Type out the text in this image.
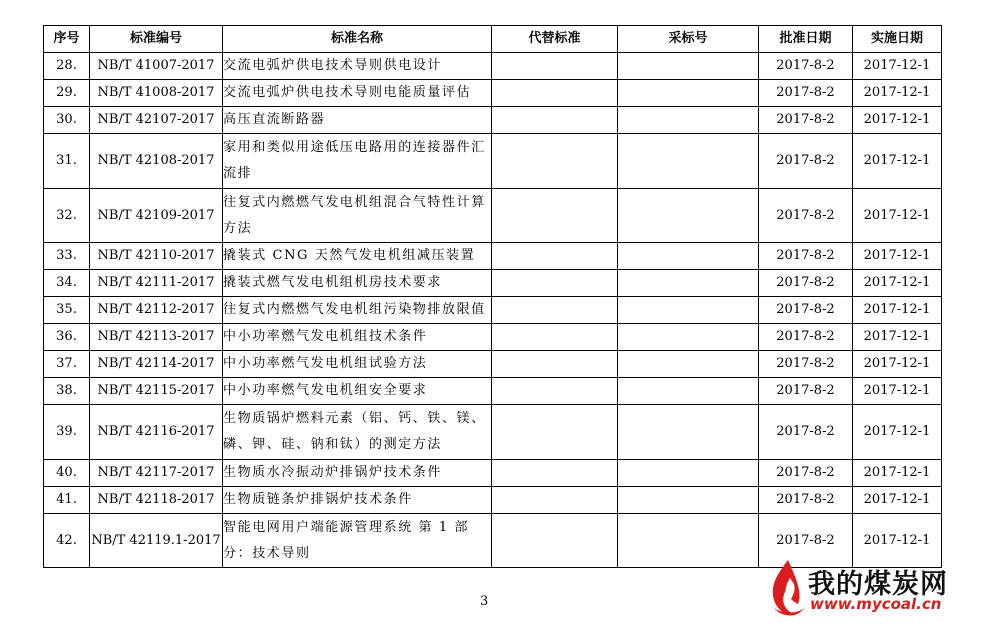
序号	标准编号	标准名称	代替标准	采标号	批准日期	实施日期
28.	NB/T 41007-2017	交流电弧炉供电技术导则供电设计			2017-8-2	2017-12-1
29.	NB/T 41008-2017	交流电弧炉供电技术导则电能质量评估			2017-8-2	2017-12-1
30.	NB/T 42107-2017	高压直流断路器			2017-8-2	2017-12-1
31.	NB/T 42108-2017	家用和类似用途低压电路用的连接器件汇流排			2017-8-2	2017-12-1
32.	NB/T 42109-2017	往复式内燃燃气发电机组混合气特性计算方法			2017-8-2	2017-12-1
33.	NB/T 42110-2017	撬装式 CNG 天然气发电机组减压装置			2017-8-2	2017-12-1
34.	NB/T 42111-2017	撬装式燃气发电机组机房技术要求			2017-8-2	2017-12-1
35.	NB/T 42112-2017	往复式内燃燃气发电机组污染物排放限值			2017-8-2	2017-12-1
36.	NB/T 42113-2017	中小功率燃气发电机组技术条件			2017-8-2	2017-12-1
37.	NB/T 42114-2017	中小功率燃气发电机组试验方法			2017-8-2	2017-12-1
38.	NB/T 42115-2017	中小功率燃气发电机组安全要求			2017-8-2	2017-12-1
39.	NB/T 42116-2017	生物质锅炉燃料元素（铝、钙、铁、镁、磷、钾、硅、钠和钛）的测定方法			2017-8-2	2017-12-1
40.	NB/T 42117-2017	生物质水冷振动炉排锅炉技术条件			2017-8-2	2017-12-1
41.	NB/T 42118-2017	生物质链条炉排锅炉技术条件			2017-8-2	2017-12-1
42.	NB/T 42119.1-2017	智能电网用户端能源管理系统 第 1 部分：技术导则			2017-8-2	2017-12-1
3
我的煤炭网
www.mycoal.cn
